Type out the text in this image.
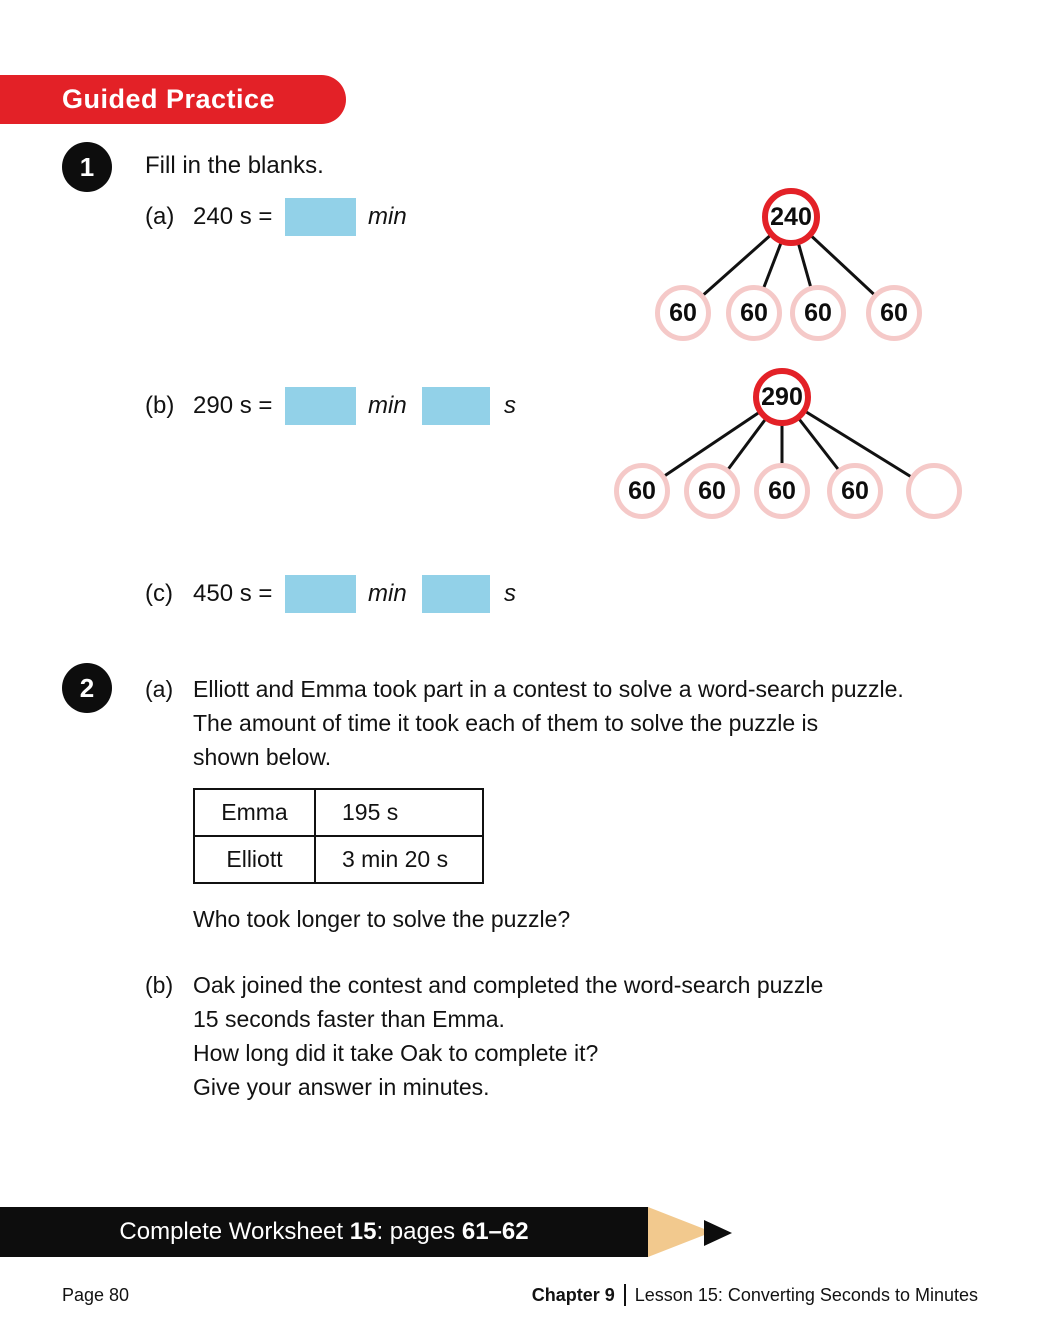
Guided Practice
1 Fill in the blanks.
(a) 240 s =	min
(b) 290 s =	min	s
(c) 450 s =	min	s
240
60	60	60	60
290
60	60	60	60
2 (a) Elliott and Emma took part in a contest to solve a word-search puzzle.
The amount of time it took each of them to solve the puzzle is
shown below.
Emma	195 s
Elliott	3 min 20 s
Who took longer to solve the puzzle?
(b) Oak joined the contest and completed the word-search puzzle
15 seconds faster than Emma.
How long did it take Oak to complete it?
Give your answer in minutes.
Complete Worksheet 15: pages 61–62
Page 80	Chapter 9 Lesson 15: Converting Seconds to Minutes
